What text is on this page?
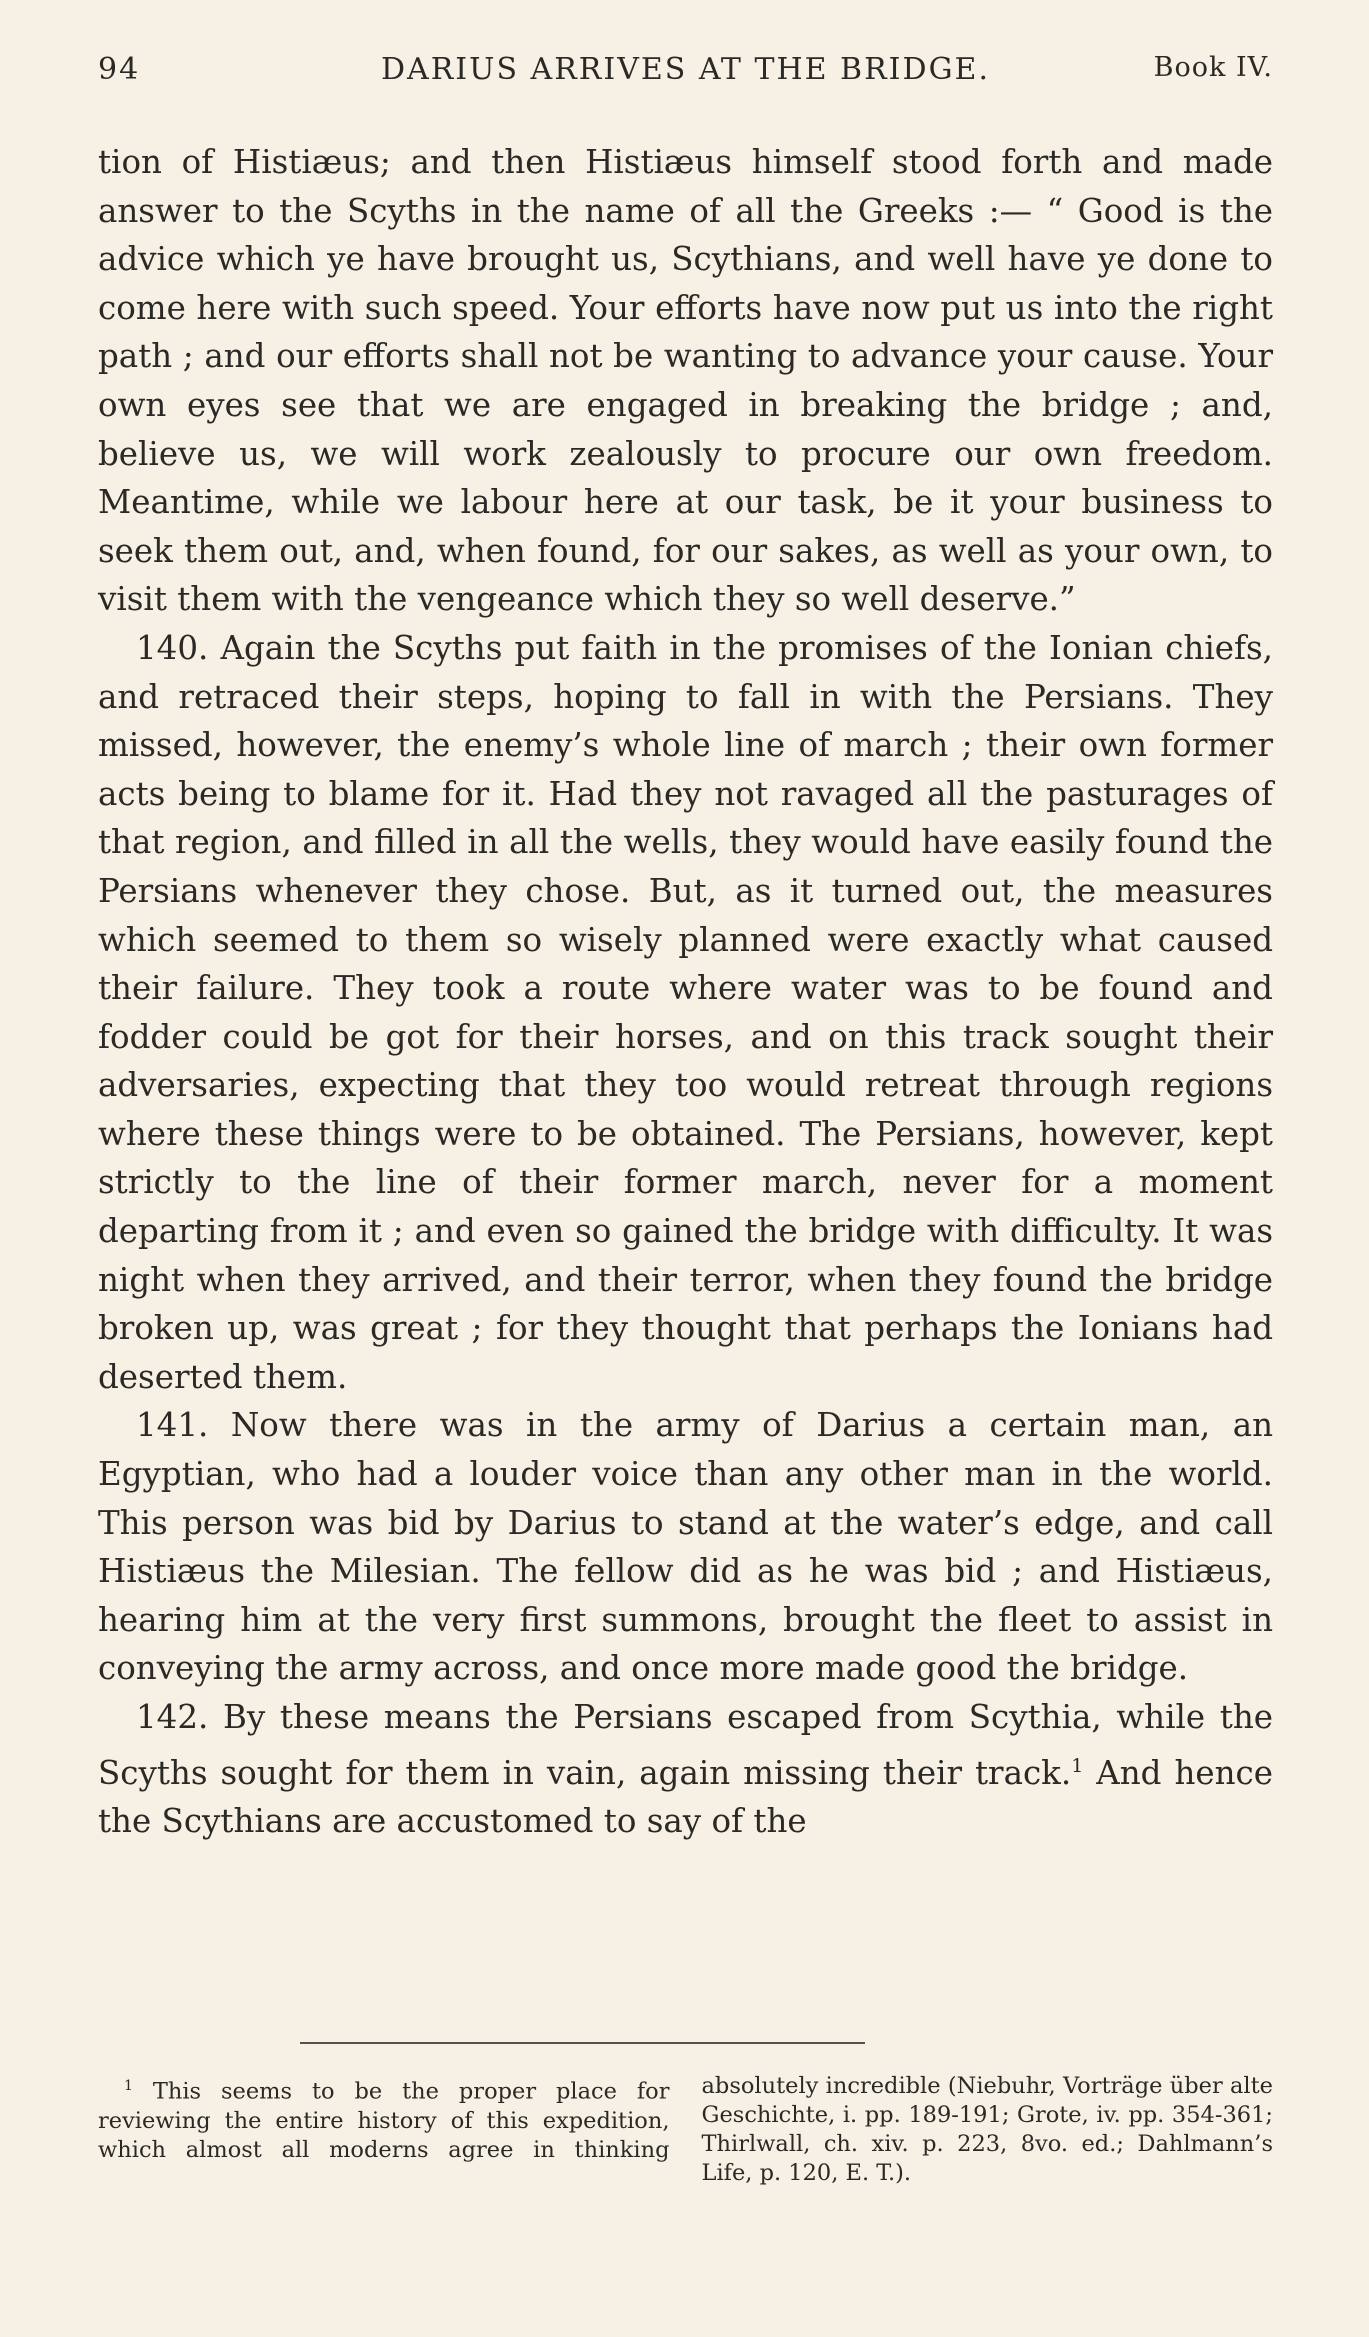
94	DARIUS ARRIVES AT THE BRIDGE.	Book IV.

tion of Histiæus; and then Histiæus himself stood forth and made answer to the Scyths in the name of all the Greeks :— “ Good is the advice which ye have brought us, Scythians, and well have ye done to come here with such speed. Your efforts have now put us into the right path ; and our efforts shall not be wanting to advance your cause. Your own eyes see that we are engaged in breaking the bridge ; and, believe us, we will work zealously to procure our own freedom. Meantime, while we labour here at our task, be it your business to seek them out, and, when found, for our sakes, as well as your own, to visit them with the vengeance which they so well deserve.”

140. Again the Scyths put faith in the promises of the Ionian chiefs, and retraced their steps, hoping to fall in with the Persians. They missed, however, the enemy’s whole line of march ; their own former acts being to blame for it. Had they not ravaged all the pasturages of that region, and filled in all the wells, they would have easily found the Persians whenever they chose. But, as it turned out, the measures which seemed to them so wisely planned were exactly what caused their failure. They took a route where water was to be found and fodder could be got for their horses, and on this track sought their adversaries, expecting that they too would retreat through regions where these things were to be obtained. The Persians, however, kept strictly to the line of their former march, never for a moment departing from it ; and even so gained the bridge with difficulty. It was night when they arrived, and their terror, when they found the bridge broken up, was great ; for they thought that perhaps the Ionians had deserted them.

141. Now there was in the army of Darius a certain man, an Egyptian, who had a louder voice than any other man in the world. This person was bid by Darius to stand at the water’s edge, and call Histiæus the Milesian. The fellow did as he was bid ; and Histiæus, hearing him at the very first summons, brought the fleet to assist in conveying the army across, and once more made good the bridge.

142. By these means the Persians escaped from Scythia, while the Scyths sought for them in vain, again missing their track.$^1$ And hence the Scythians are accustomed to say of the

$^1$ This seems to be the proper place for reviewing the entire history of this expedition, which almost all moderns agree in thinking absolutely incredible (Niebuhr, Vorträge über alte Geschichte, i. pp. 189-191; Grote, iv. pp. 354-361; Thirlwall, ch. xiv. p. 223, 8vo. ed.; Dahlmann’s Life, p. 120, E. T.).
